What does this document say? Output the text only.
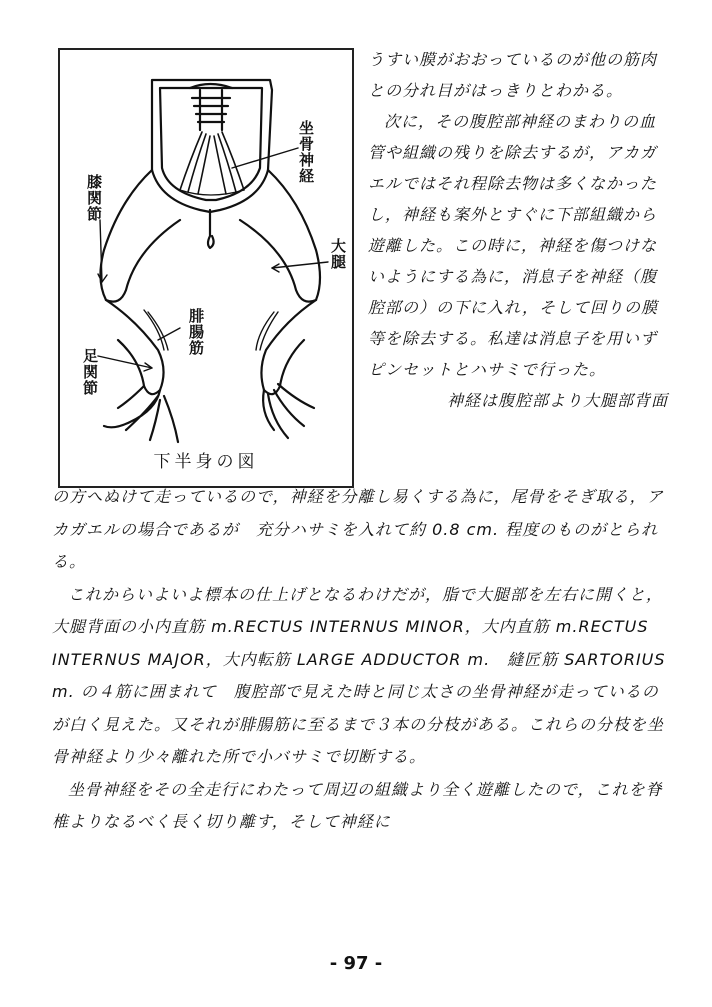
坐骨神経
膝関節
大腿
腓腸筋
足関節
下半身の図

うすい膜がおおっているのが他の筋肉との分れ目がはっきりとわかる。

次に，その腹腔部神経のまわりの血管や組織の残りを除去するが，アカガエルではそれ程除去物は多くなかったし，神経も案外とすぐに下部組織から遊離した。この時に，神経を傷つけないようにする為に，消息子を神経（腹腔部の）の下に入れ，そして回りの膜等を除去する。私達は消息子を用いずピンセットとハサミで行った。

神経は腹腔部より大腿部背面

の方へぬけて走っているので，神経を分離し易くする為に，尾骨をそぎ取る，アカガエルの場合であるが　充分ハサミを入れて約 0.8 cm. 程度のものがとられる。

これからいよいよ標本の仕上げとなるわけだが，脂で大腿部を左右に開くと，大腿背面の小内直筋 m.RECTUS INTERNUS MINOR，大内直筋 m.RECTUS INTERNUS MAJOR，大内転筋 LARGE ADDUCTOR m.　縫匠筋 SARTORIUS m. の４筋に囲まれて　腹腔部で見えた時と同じ太さの坐骨神経が走っているのが白く見えた。又それが腓腸筋に至るまで３本の分枝がある。これらの分枝を坐骨神経より少々離れた所で小バサミで切断する。

坐骨神経をその全走行にわたって周辺の組織より全く遊離したので，これを脊椎よりなるべく長く切り離す，そして神経に

- 97 -
